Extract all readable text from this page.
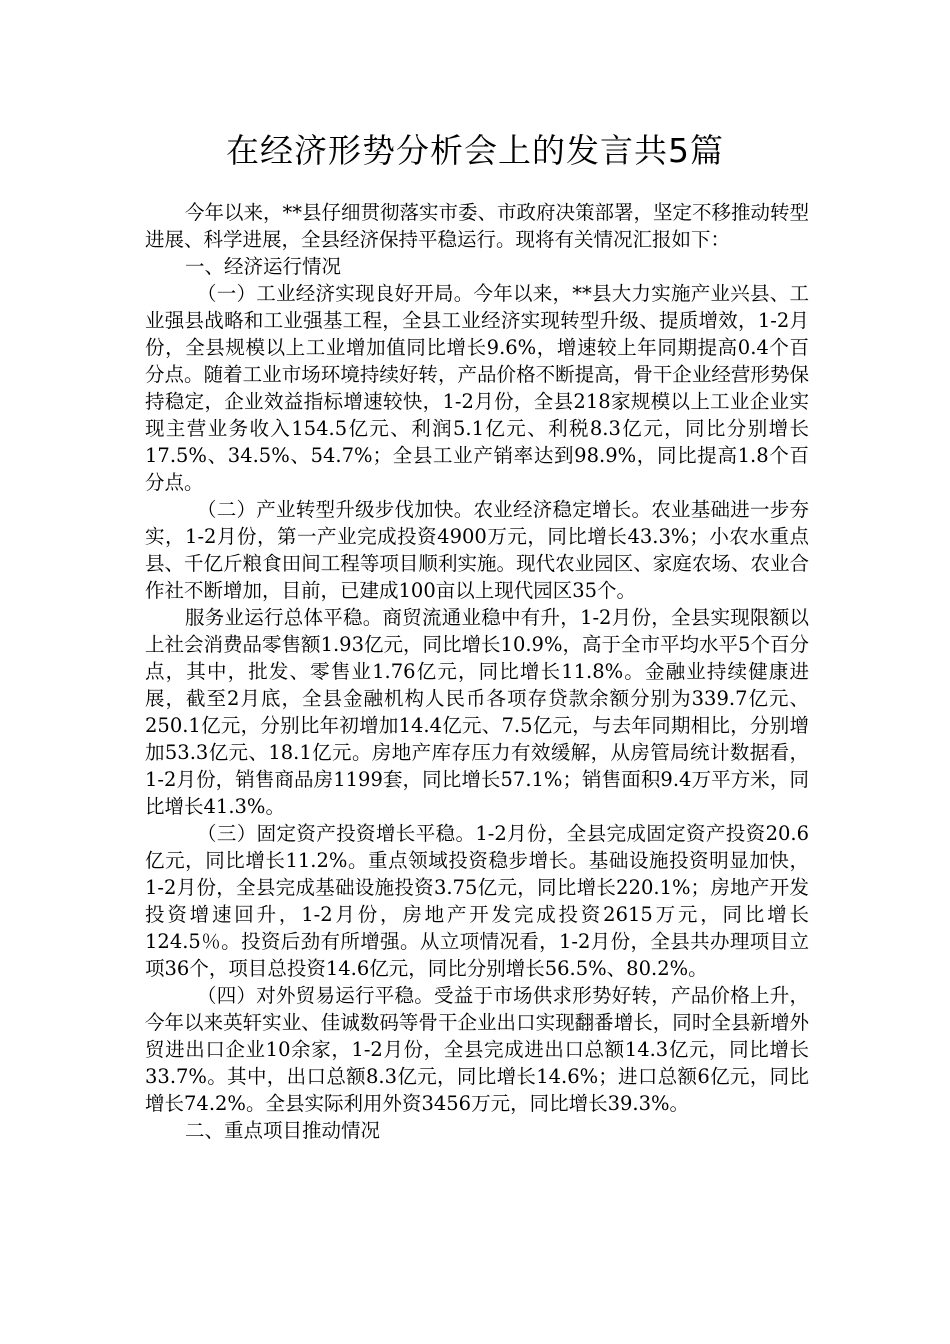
在经济形势分析会上的发言共5篇

今年以来，**县仔细贯彻落实市委、市政府决策部署，坚定不移推动转型进展、科学进展，全县经济保持平稳运行。现将有关情况汇报如下：

一、经济运行情况

（一）工业经济实现良好开局。今年以来，**县大力实施产业兴县、工业强县战略和工业强基工程，全县工业经济实现转型升级、提质增效，1-2月份，全县规模以上工业增加值同比增长9.6%，增速较上年同期提高0.4个百分点。随着工业市场环境持续好转，产品价格不断提高，骨干企业经营形势保持稳定，企业效益指标增速较快，1-2月份，全县218家规模以上工业企业实现主营业务收入154.5亿元、利润5.1亿元、利税8.3亿元，同比分别增长17.5%、34.5%、54.7%；全县工业产销率达到98.9%，同比提高1.8个百分点。

（二）产业转型升级步伐加快。农业经济稳定增长。农业基础进一步夯实，1-2月份，第一产业完成投资4900万元，同比增长43.3%；小农水重点县、千亿斤粮食田间工程等项目顺利实施。现代农业园区、家庭农场、农业合作社不断增加，目前，已建成100亩以上现代园区35个。

服务业运行总体平稳。商贸流通业稳中有升，1-2月份，全县实现限额以上社会消费品零售额1.93亿元，同比增长10.9%，高于全市平均水平5个百分点，其中，批发、零售业1.76亿元，同比增长11.8%。金融业持续健康进展，截至2月底，全县金融机构人民币各项存贷款余额分别为339.7亿元、250.1亿元，分别比年初增加14.4亿元、7.5亿元，与去年同期相比，分别增加53.3亿元、18.1亿元。房地产库存压力有效缓解，从房管局统计数据看，1-2月份，销售商品房1199套，同比增长57.1%；销售面积9.4万平方米，同比增长41.3%。

（三）固定资产投资增长平稳。1-2月份，全县完成固定资产投资20.6亿元，同比增长11.2%。重点领域投资稳步增长。基础设施投资明显加快，1-2月份，全县完成基础设施投资3.75亿元，同比增长220.1%；房地产开发投资增速回升，1-2月份，房地产开发完成投资2615万元，同比增长124.5％。投资后劲有所增强。从立项情况看，1-2月份，全县共办理项目立项36个，项目总投资14.6亿元，同比分别增长56.5%、80.2%。

（四）对外贸易运行平稳。受益于市场供求形势好转，产品价格上升，今年以来英轩实业、佳诚数码等骨干企业出口实现翻番增长，同时全县新增外贸进出口企业10余家，1-2月份，全县完成进出口总额14.3亿元，同比增长33.7%。其中，出口总额8.3亿元，同比增长14.6%；进口总额6亿元，同比增长74.2%。全县实际利用外资3456万元，同比增长39.3%。

二、重点项目推动情况
